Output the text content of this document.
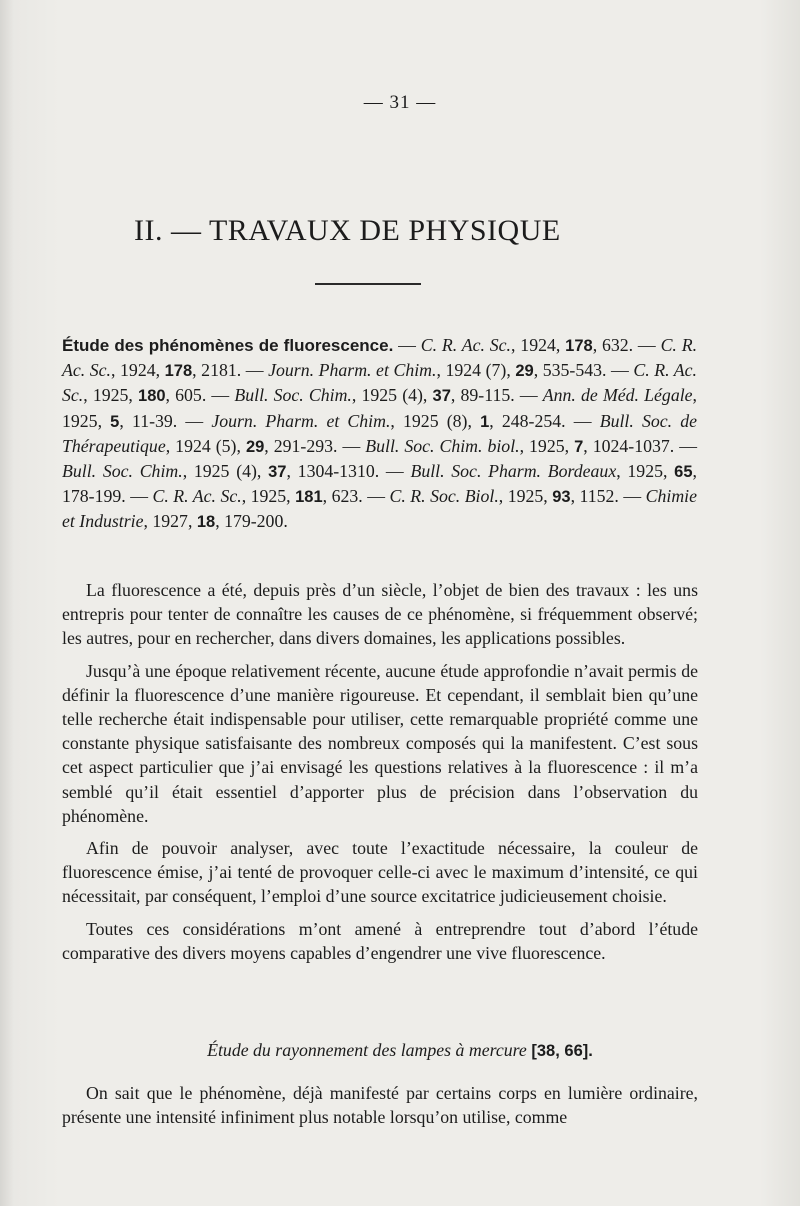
— 31 —
II. — TRAVAUX DE PHYSIQUE
Étude des phénomènes de fluorescence. — C. R. Ac. Sc., 1924, 178, 632. — C. R. Ac. Sc., 1924, 178, 2181. — Journ. Pharm. et Chim., 1924 (7), 29, 535-543. — C. R. Ac. Sc., 1925, 180, 605. — Bull. Soc. Chim., 1925 (4), 37, 89-115. — Ann. de Méd. Légale, 1925, 5, 11-39. — Journ. Pharm. et Chim., 1925 (8), 1, 248-254. — Bull. Soc. de Thérapeutique, 1924 (5), 29, 291-293. — Bull. Soc. Chim. biol., 1925, 7, 1024-1037. — Bull. Soc. Chim., 1925 (4), 37, 1304-1310. — Bull. Soc. Pharm. Bordeaux, 1925, 65, 178-199. — C. R. Ac. Sc., 1925, 181, 623. — C. R. Soc. Biol., 1925, 93, 1152. — Chimie et Industrie, 1927, 18, 179-200.

La fluorescence a été, depuis près d’un siècle, l’objet de bien des travaux : les uns entrepris pour tenter de connaître les causes de ce phénomène, si fréquemment observé; les autres, pour en rechercher, dans divers domaines, les applications possibles.

Jusqu’à une époque relativement récente, aucune étude approfondie n’avait permis de définir la fluorescence d’une manière rigoureuse. Et cependant, il semblait bien qu’une telle recherche était indispensable pour utiliser, cette remarquable propriété comme une constante physique satisfaisante des nombreux composés qui la manifestent. C’est sous cet aspect particulier que j’ai envisagé les questions relatives à la fluorescence : il m’a semblé qu’il était essentiel d’apporter plus de précision dans l’observation du phénomène.

Afin de pouvoir analyser, avec toute l’exactitude nécessaire, la couleur de fluorescence émise, j’ai tenté de provoquer celle-ci avec le maximum d’intensité, ce qui nécessitait, par conséquent, l’emploi d’une source excitatrice judicieusement choisie.

Toutes ces considérations m’ont amené à entreprendre tout d’abord l’étude comparative des divers moyens capables d’engendrer une vive fluorescence.

Étude du rayonnement des lampes à mercure [38, 66].

On sait que le phénomène, déjà manifesté par certains corps en lumière ordinaire, présente une intensité infiniment plus notable lorsqu’on utilise, comme
